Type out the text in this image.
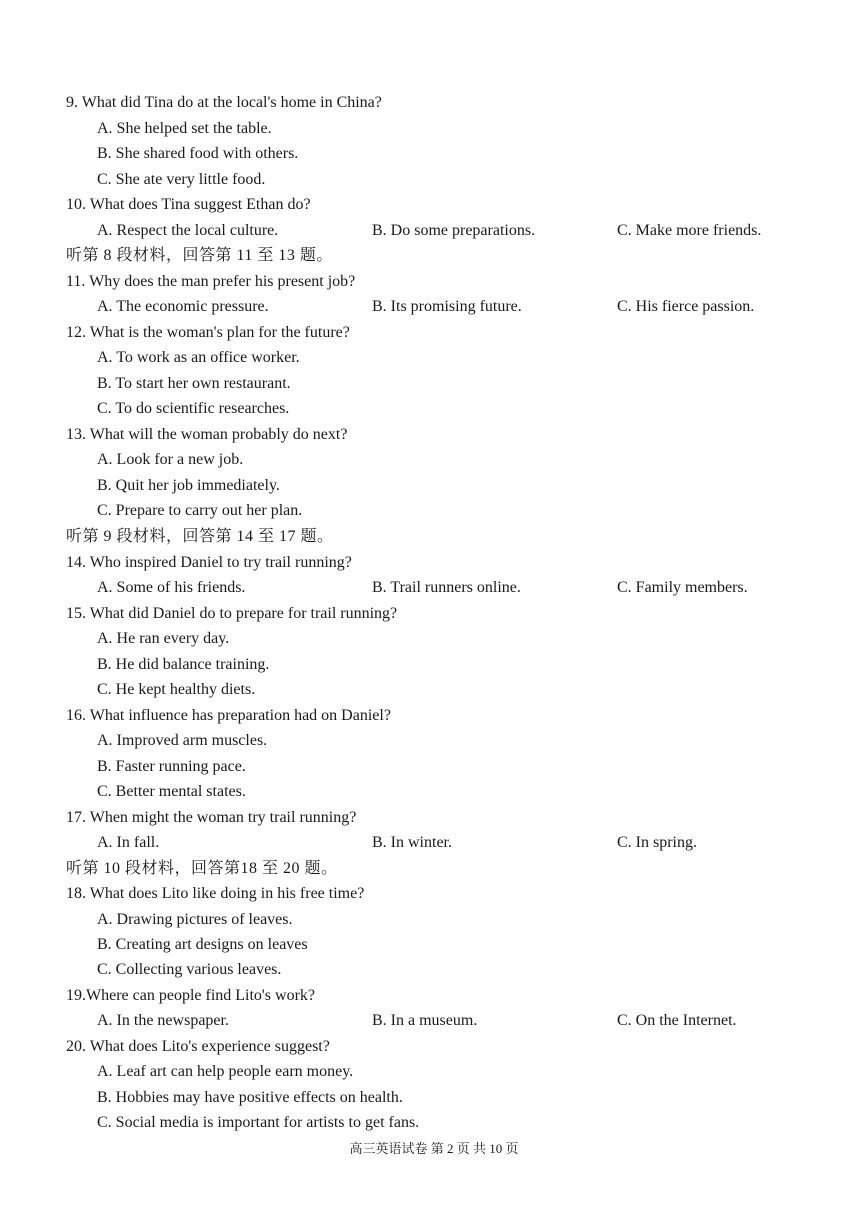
9. What did Tina do at the local's home in China?
A. She helped set the table.
B. She shared food with others.
C. She ate very little food.
10. What does Tina suggest Ethan do?
A. Respect the local culture.	B. Do some preparations.	C. Make more friends.
听第 8 段材料，回答第 11 至 13 题。
11. Why does the man prefer his present job?
A. The economic pressure.	B. Its promising future.	C. His fierce passion.
12. What is the woman's plan for the future?
A. To work as an office worker.
B. To start her own restaurant.
C. To do scientific researches.
13. What will the woman probably do next?
A. Look for a new job.
B. Quit her job immediately.
C. Prepare to carry out her plan.
听第 9 段材料，回答第 14 至 17 题。
14. Who inspired Daniel to try trail running?
A. Some of his friends.	B. Trail runners online.	C. Family members.
15. What did Daniel do to prepare for trail running?
A. He ran every day.
B. He did balance training.
C. He kept healthy diets.
16. What influence has preparation had on Daniel?
A. Improved arm muscles.
B. Faster running pace.
C. Better mental states.
17. When might the woman try trail running?
A. In fall.	B. In winter.	C. In spring.
听第 10 段材料，回答第18 至 20 题。
18. What does Lito like doing in his free time?
A. Drawing pictures of leaves.
B. Creating art designs on leaves
C. Collecting various leaves.
19.Where can people find Lito's work?
A. In the newspaper.	B. In a museum.	C. On the Internet.
20. What does Lito's experience suggest?
A. Leaf art can help people earn money.
B. Hobbies may have positive effects on health.
C. Social media is important for artists to get fans.
高三英语试卷 第 2 页 共 10 页
